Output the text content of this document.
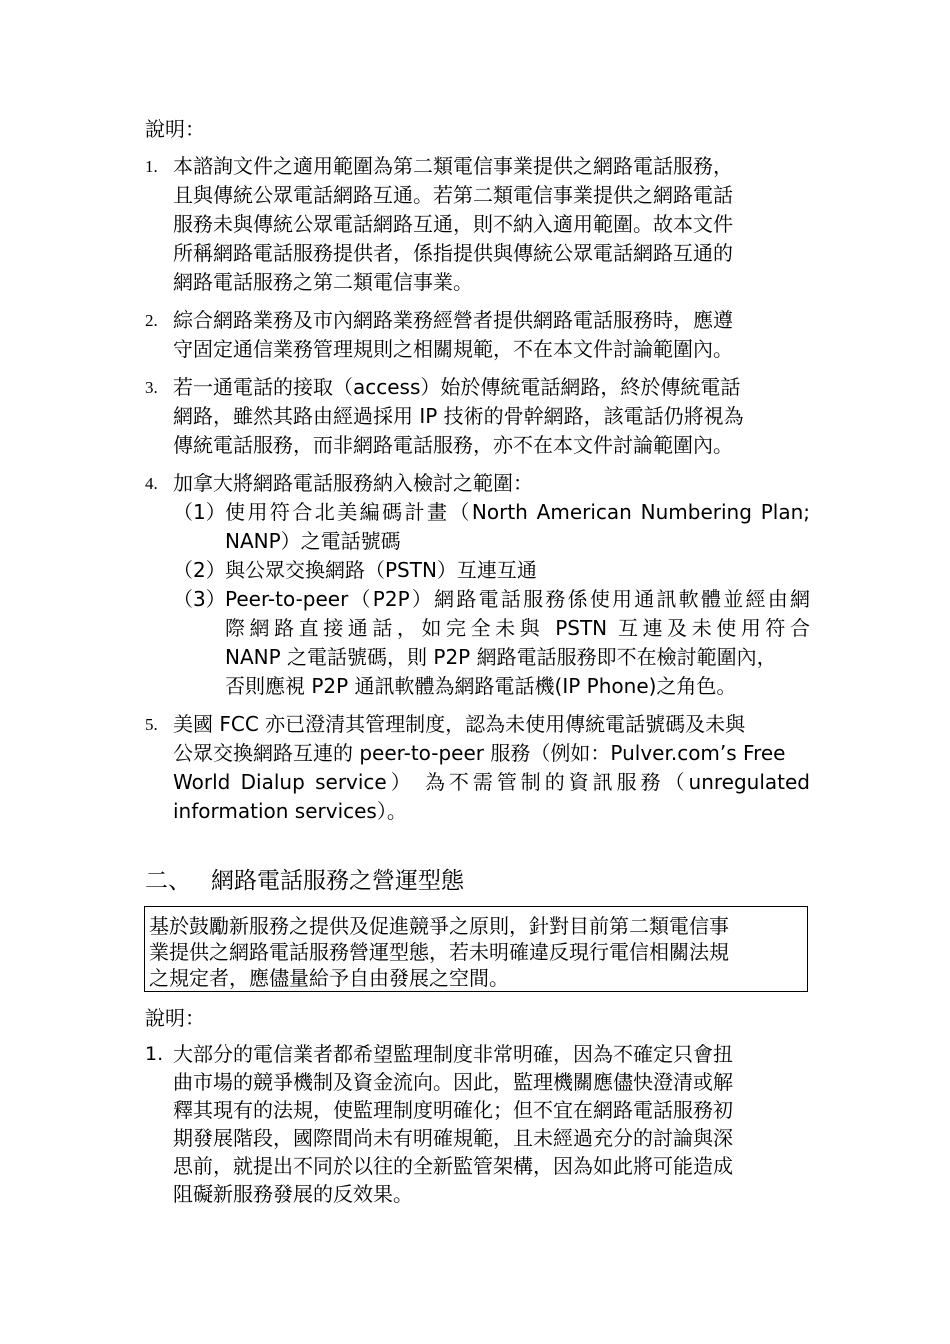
說明：
1. 本諮詢文件之適用範圍為第二類電信事業提供之網路電話服務，
且與傳統公眾電話網路互通。若第二類電信事業提供之網路電話
服務未與傳統公眾電話網路互通，則不納入適用範圍。故本文件
所稱網路電話服務提供者，係指提供與傳統公眾電話網路互通的
網路電話服務之第二類電信事業。
2. 綜合網路業務及市內網路業務經營者提供網路電話服務時，應遵
守固定通信業務管理規則之相關規範，不在本文件討論範圍內。
3. 若一通電話的接取（access）始於傳統電話網路，終於傳統電話
網路，雖然其路由經過採用 IP 技術的骨幹網路，該電話仍將視為
傳統電話服務，而非網路電話服務，亦不在本文件討論範圍內。
4. 加拿大將網路電話服務納入檢討之範圍：
（1） 使用符合北美編碼計畫（North American Numbering Plan;
NANP）之電話號碼
（2） 與公眾交換網路（PSTN）互連互通
（3） Peer-to-peer（P2P）網路電話服務係使用通訊軟體並經由網
際網路直接通話，如完全未與 PSTN 互連及未使用符合
NANP 之電話號碼，則 P2P 網路電話服務即不在檢討範圍內，
否則應視 P2P 通訊軟體為網路電話機(IP Phone)之角色。
5. 美國 FCC 亦已澄清其管理制度，認為未使用傳統電話號碼及未與
公眾交換網路互連的 peer-to-peer 服務（例如：Pulver.com’s Free
World Dialup service） 為不需管制的資訊服務（unregulated
information services）。
二、 網路電話服務之營運型態
基於鼓勵新服務之提供及促進競爭之原則，針對目前第二類電信事
業提供之網路電話服務營運型態，若未明確違反現行電信相關法規
之規定者，應儘量給予自由發展之空間。
說明：
1. 大部分的電信業者都希望監理制度非常明確，因為不確定只會扭
曲市場的競爭機制及資金流向。因此，監理機關應儘快澄清或解
釋其現有的法規，使監理制度明確化；但不宜在網路電話服務初
期發展階段，國際間尚未有明確規範，且未經過充分的討論與深
思前，就提出不同於以往的全新監管架構，因為如此將可能造成
阻礙新服務發展的反效果。
